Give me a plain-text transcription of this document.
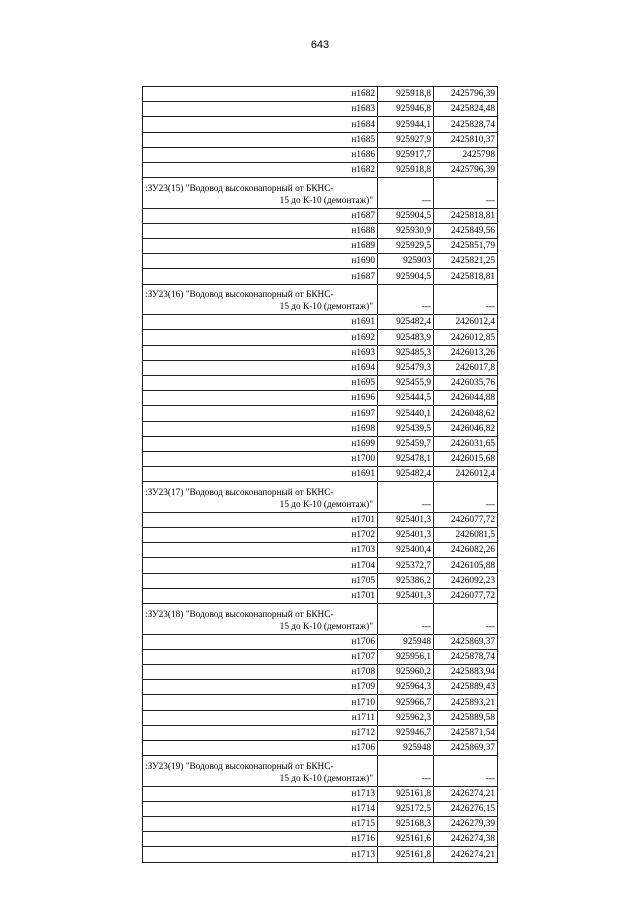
643
н1682	925918,8	2425796,39
н1683	925946,8	2425824,48
н1684	925944,1	2425828,74
н1685	925927,9	2425810,37
н1686	925917,7	2425798
н1682	925918,8	2425796,39

:ЗУ23(15) "Водовод высоконапорный от БКНС-
15 до К-10 (демонтаж)"	---	---
н1687	925904,5	2425818,81
н1688	925930,9	2425849,56
н1689	925929,5	2425851,79
н1690	925903	2425821,25
н1687	925904,5	2425818,81

:ЗУ23(16) "Водовод высоконапорный от БКНС-
15 до К-10 (демонтаж)"	---	---
н1691	925482,4	2426012,4
н1692	925483,9	2426012,85
н1693	925485,3	2426013,26
н1694	925479,3	2426017,8
н1695	925455,9	2426035,76
н1696	925444,5	2426044,88
н1697	925440,1	2426048,62
н1698	925439,5	2426046,82
н1699	925459,7	2426031,65
н1700	925478,1	2426015,68
н1691	925482,4	2426012,4

:ЗУ23(17) "Водовод высоконапорный от БКНС-
15 до К-10 (демонтаж)"	---	---
н1701	925401,3	2426077,72
н1702	925401,3	2426081,5
н1703	925400,4	2426082,26
н1704	925372,7	2426105,88
н1705	925386,2	2426092,23
н1701	925401,3	2426077,72

:ЗУ23(18) "Водовод высоконапорный от БКНС-
15 до К-10 (демонтаж)"	---	---
н1706	925948	2425869,37
н1707	925956,1	2425878,74
н1708	925960,2	2425883,94
н1709	925964,3	2425889,43
н1710	925966,7	2425893,21
н1711	925962,3	2425889,58
н1712	925946,7	2425871,54
н1706	925948	2425869,37

:ЗУ23(19) "Водовод высоконапорный от БКНС-
15 до К-10 (демонтаж)"	---	---
н1713	925161,8	2426274,21
н1714	925172,5	2426276,15
н1715	925168,3	2426279,39
н1716	925161,6	2426274,38
н1713	925161,8	2426274,21
